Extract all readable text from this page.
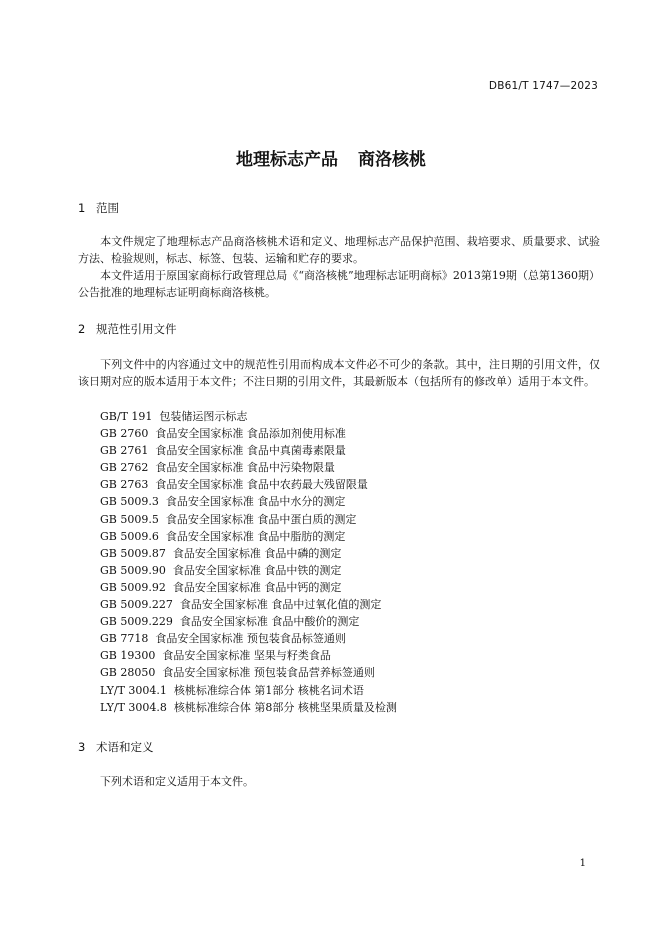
DB61/T 1747—2023
地理标志产品 商洛核桃
1 范围
本文件规定了地理标志产品商洛核桃术语和定义、地理标志产品保护范围、栽培要求、质量要求、试验方法、检验规则，标志、标签、包装、运输和贮存的要求。
本文件适用于原国家商标行政管理总局《“商洛核桃”地理标志证明商标》2013第19期（总第1360期）公告批准的地理标志证明商标商洛核桃。
2 规范性引用文件
下列文件中的内容通过文中的规范性引用而构成本文件必不可少的条款。其中，注日期的引用文件，仅该日期对应的版本适用于本文件；不注日期的引用文件，其最新版本（包括所有的修改单）适用于本文件。
GB/T 191 包装储运图示标志
GB 2760 食品安全国家标准 食品添加剂使用标准
GB 2761 食品安全国家标准 食品中真菌毒素限量
GB 2762 食品安全国家标准 食品中污染物限量
GB 2763 食品安全国家标准 食品中农药最大残留限量
GB 5009.3 食品安全国家标准 食品中水分的测定
GB 5009.5 食品安全国家标准 食品中蛋白质的测定
GB 5009.6 食品安全国家标准 食品中脂肪的测定
GB 5009.87 食品安全国家标准 食品中磷的测定
GB 5009.90 食品安全国家标准 食品中铁的测定
GB 5009.92 食品安全国家标准 食品中钙的测定
GB 5009.227 食品安全国家标准 食品中过氧化值的测定
GB 5009.229 食品安全国家标准 食品中酸价的测定
GB 7718 食品安全国家标准 预包装食品标签通则
GB 19300 食品安全国家标准 坚果与籽类食品
GB 28050 食品安全国家标准 预包装食品营养标签通则
LY/T 3004.1 核桃标准综合体 第1部分 核桃名词术语
LY/T 3004.8 核桃标准综合体 第8部分 核桃坚果质量及检测
3 术语和定义
下列术语和定义适用于本文件。
1
